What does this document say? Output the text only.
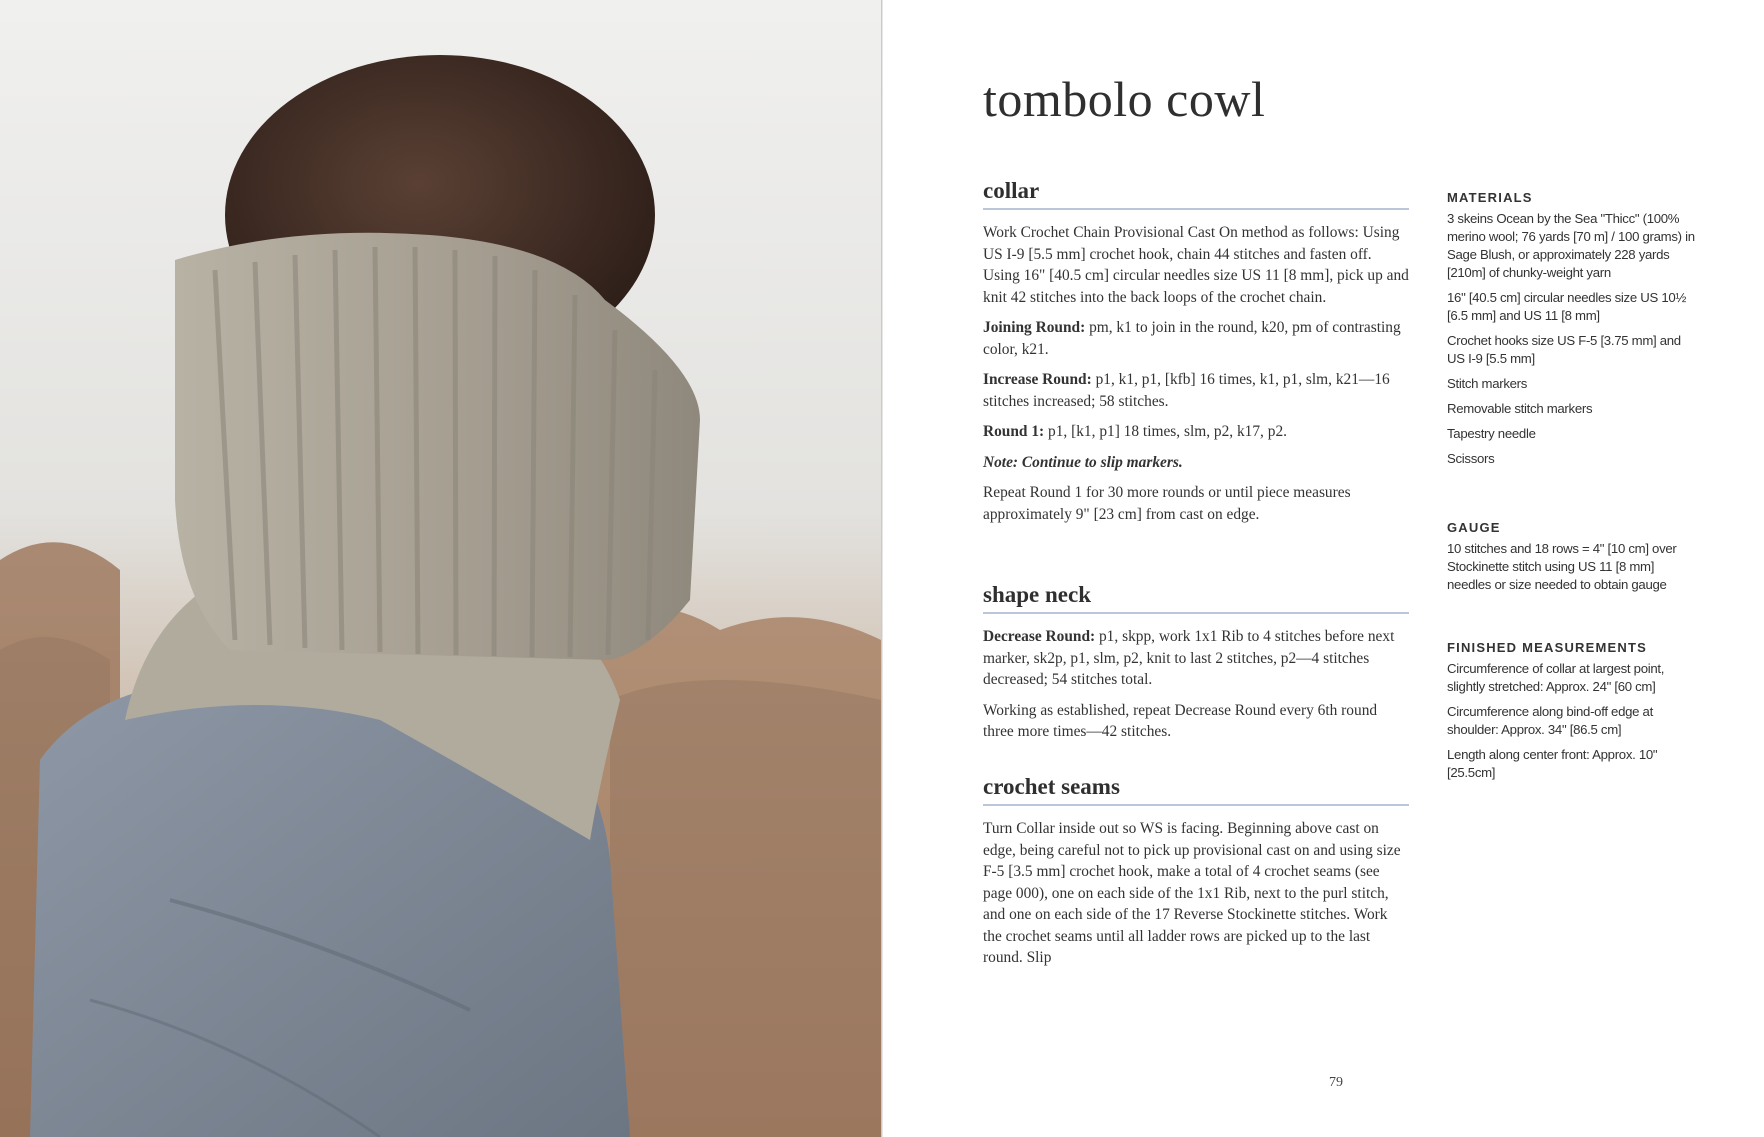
tombolo cowl
collar

Work Crochet Chain Provisional Cast On method as follows: Using US I-9 [5.5 mm] crochet hook, chain 44 stitches and fasten off. Using 16" [40.5 cm] circular needles size US 11 [8 mm], pick up and knit 42 stitches into the back loops of the crochet chain.

Joining Round: pm, k1 to join in the round, k20, pm of contrasting color, k21.

Increase Round: p1, k1, p1, [kfb] 16 times, k1, p1, slm, k21—16 stitches increased; 58 stitches.

Round 1: p1, [k1, p1] 18 times, slm, p2, k17, p2.

Note: Continue to slip markers.

Repeat Round 1 for 30 more rounds or until piece measures approximately 9" [23 cm] from cast on edge.

shape neck

Decrease Round: p1, skpp, work 1x1 Rib to 4 stitches before next marker, sk2p, p1, slm, p2, knit to last 2 stitches, p2—4 stitches decreased; 54 stitches total.

Working as established, repeat Decrease Round every 6th round three more times—42 stitches.

crochet seams

Turn Collar inside out so WS is facing. Beginning above cast on edge, being careful not to pick up provisional cast on and using size F-5 [3.5 mm] crochet hook, make a total of 4 crochet seams (see page 000), one on each side of the 1x1 Rib, next to the purl stitch, and one on each side of the 17 Reverse Stockinette stitches. Work the crochet seams until all ladder rows are picked up to the last round. Slip

MATERIALS

3 skeins Ocean by the Sea "Thicc" (100% merino wool; 76 yards [70 m] / 100 grams) in Sage Blush, or approximately 228 yards [210m] of chunky-weight yarn

16" [40.5 cm] circular needles size US 10½ [6.5 mm] and US 11 [8 mm]

Crochet hooks size US F-5 [3.75 mm] and US I-9 [5.5 mm]

Stitch markers

Removable stitch markers

Tapestry needle

Scissors

GAUGE

10 stitches and 18 rows = 4" [10 cm] over Stockinette stitch using US 11 [8 mm] needles or size needed to obtain gauge

FINISHED MEASUREMENTS

Circumference of collar at largest point, slightly stretched: Approx. 24" [60 cm]

Circumference along bind-off edge at shoulder: Approx. 34" [86.5 cm]

Length along center front: Approx. 10" [25.5cm]

79
